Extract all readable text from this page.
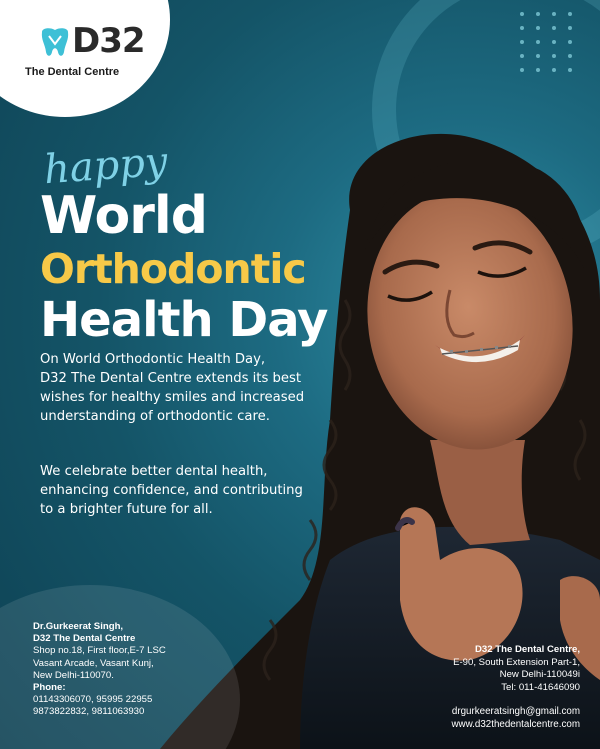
D32
The Dental Centre
happy
World
Orthodontic
Health Day
On World Orthodontic Health Day,
D32 The Dental Centre extends its best
wishes for healthy smiles and increased
understanding of orthodontic care.
We celebrate better dental health,
enhancing confidence, and contributing
to a brighter future for all.
Dr.Gurkeerat Singh,
D32 The Dental Centre
Shop no.18, First floor,E-7 LSC
Vasant Arcade, Vasant Kunj,
New Delhi-110070.
Phone:
01143306070, 95995 22955
9873822832, 9811063930
D32 The Dental Centre,
E-90, South Extension Part-1,
New Delhi-110049i
Tel: 011-41646090
drgurkeeratsingh@gmail.com
www.d32thedentalcentre.com
